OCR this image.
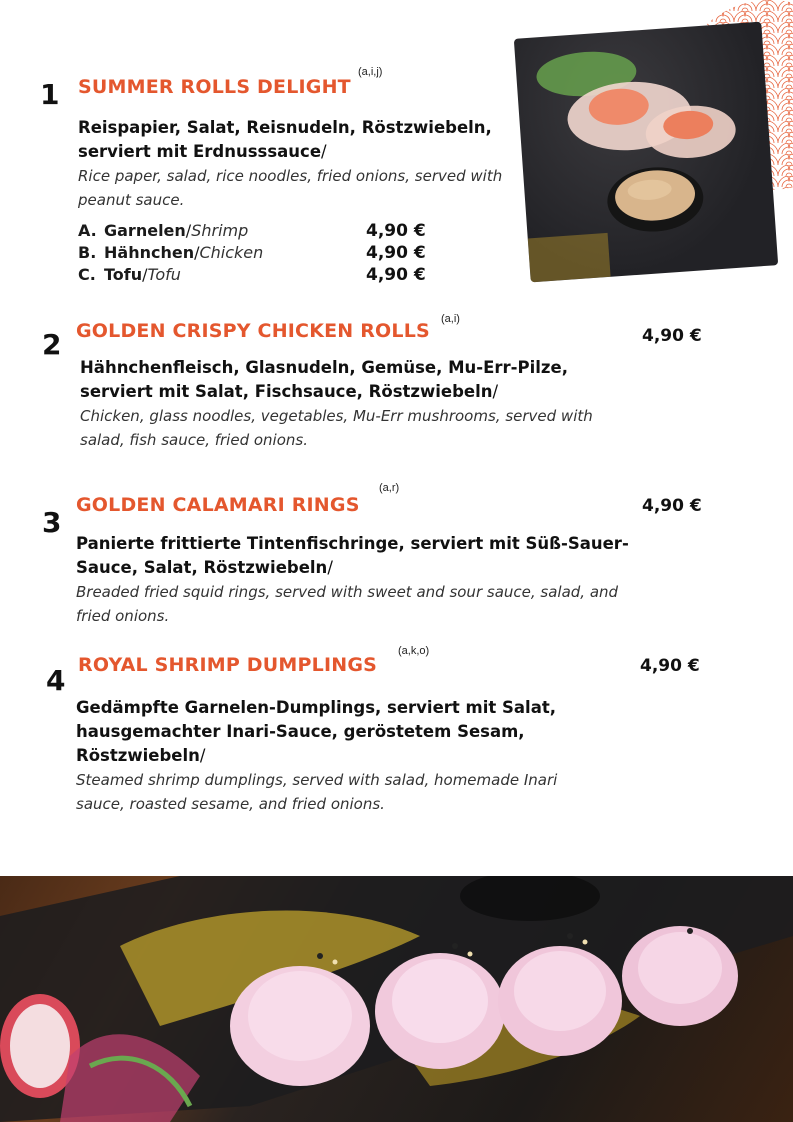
1 SUMMER ROLLS DELIGHT
(a,i,j)
Reispapier, Salat, Reisnudeln, Röstzwiebeln, serviert mit Erdnusssauce/
Rice paper, salad, rice noodles, fried onions, served with peanut sauce.
A. Garnelen/Shrimp
B. Hähnchen/Chicken
C. Tofu/Tofu
4,90 €
4,90 €
4,90 €
2 GOLDEN CRISPY CHICKEN ROLLS
(a,i)
4,90 €
Hähnchenfleisch, Glasnudeln, Gemüse, Mu-Err-Pilze, serviert mit Salat, Fischsauce, Röstzwiebeln/
Chicken, glass noodles, vegetables, Mu-Err mushrooms, served with salad, fish sauce, fried onions.
3
GOLDEN CALAMARI RINGS
(a,r)
4,90 €
Panierte frittierte Tintenfischringe, serviert mit Süß-Sauer-Sauce, Salat, Röstzwiebeln/
Breaded fried squid rings, served with sweet and sour sauce, salad, and fried onions.
4 ROYAL SHRIMP DUMPLINGS
(a,k,o)
4,90 €
Gedämpfte Garnelen-Dumplings, serviert mit Salat, hausgemachter Inari-Sauce, geröstetem Sesam, Röstzwiebeln/
Steamed shrimp dumplings, served with salad, homemade Inari sauce, roasted sesame, and fried onions.
